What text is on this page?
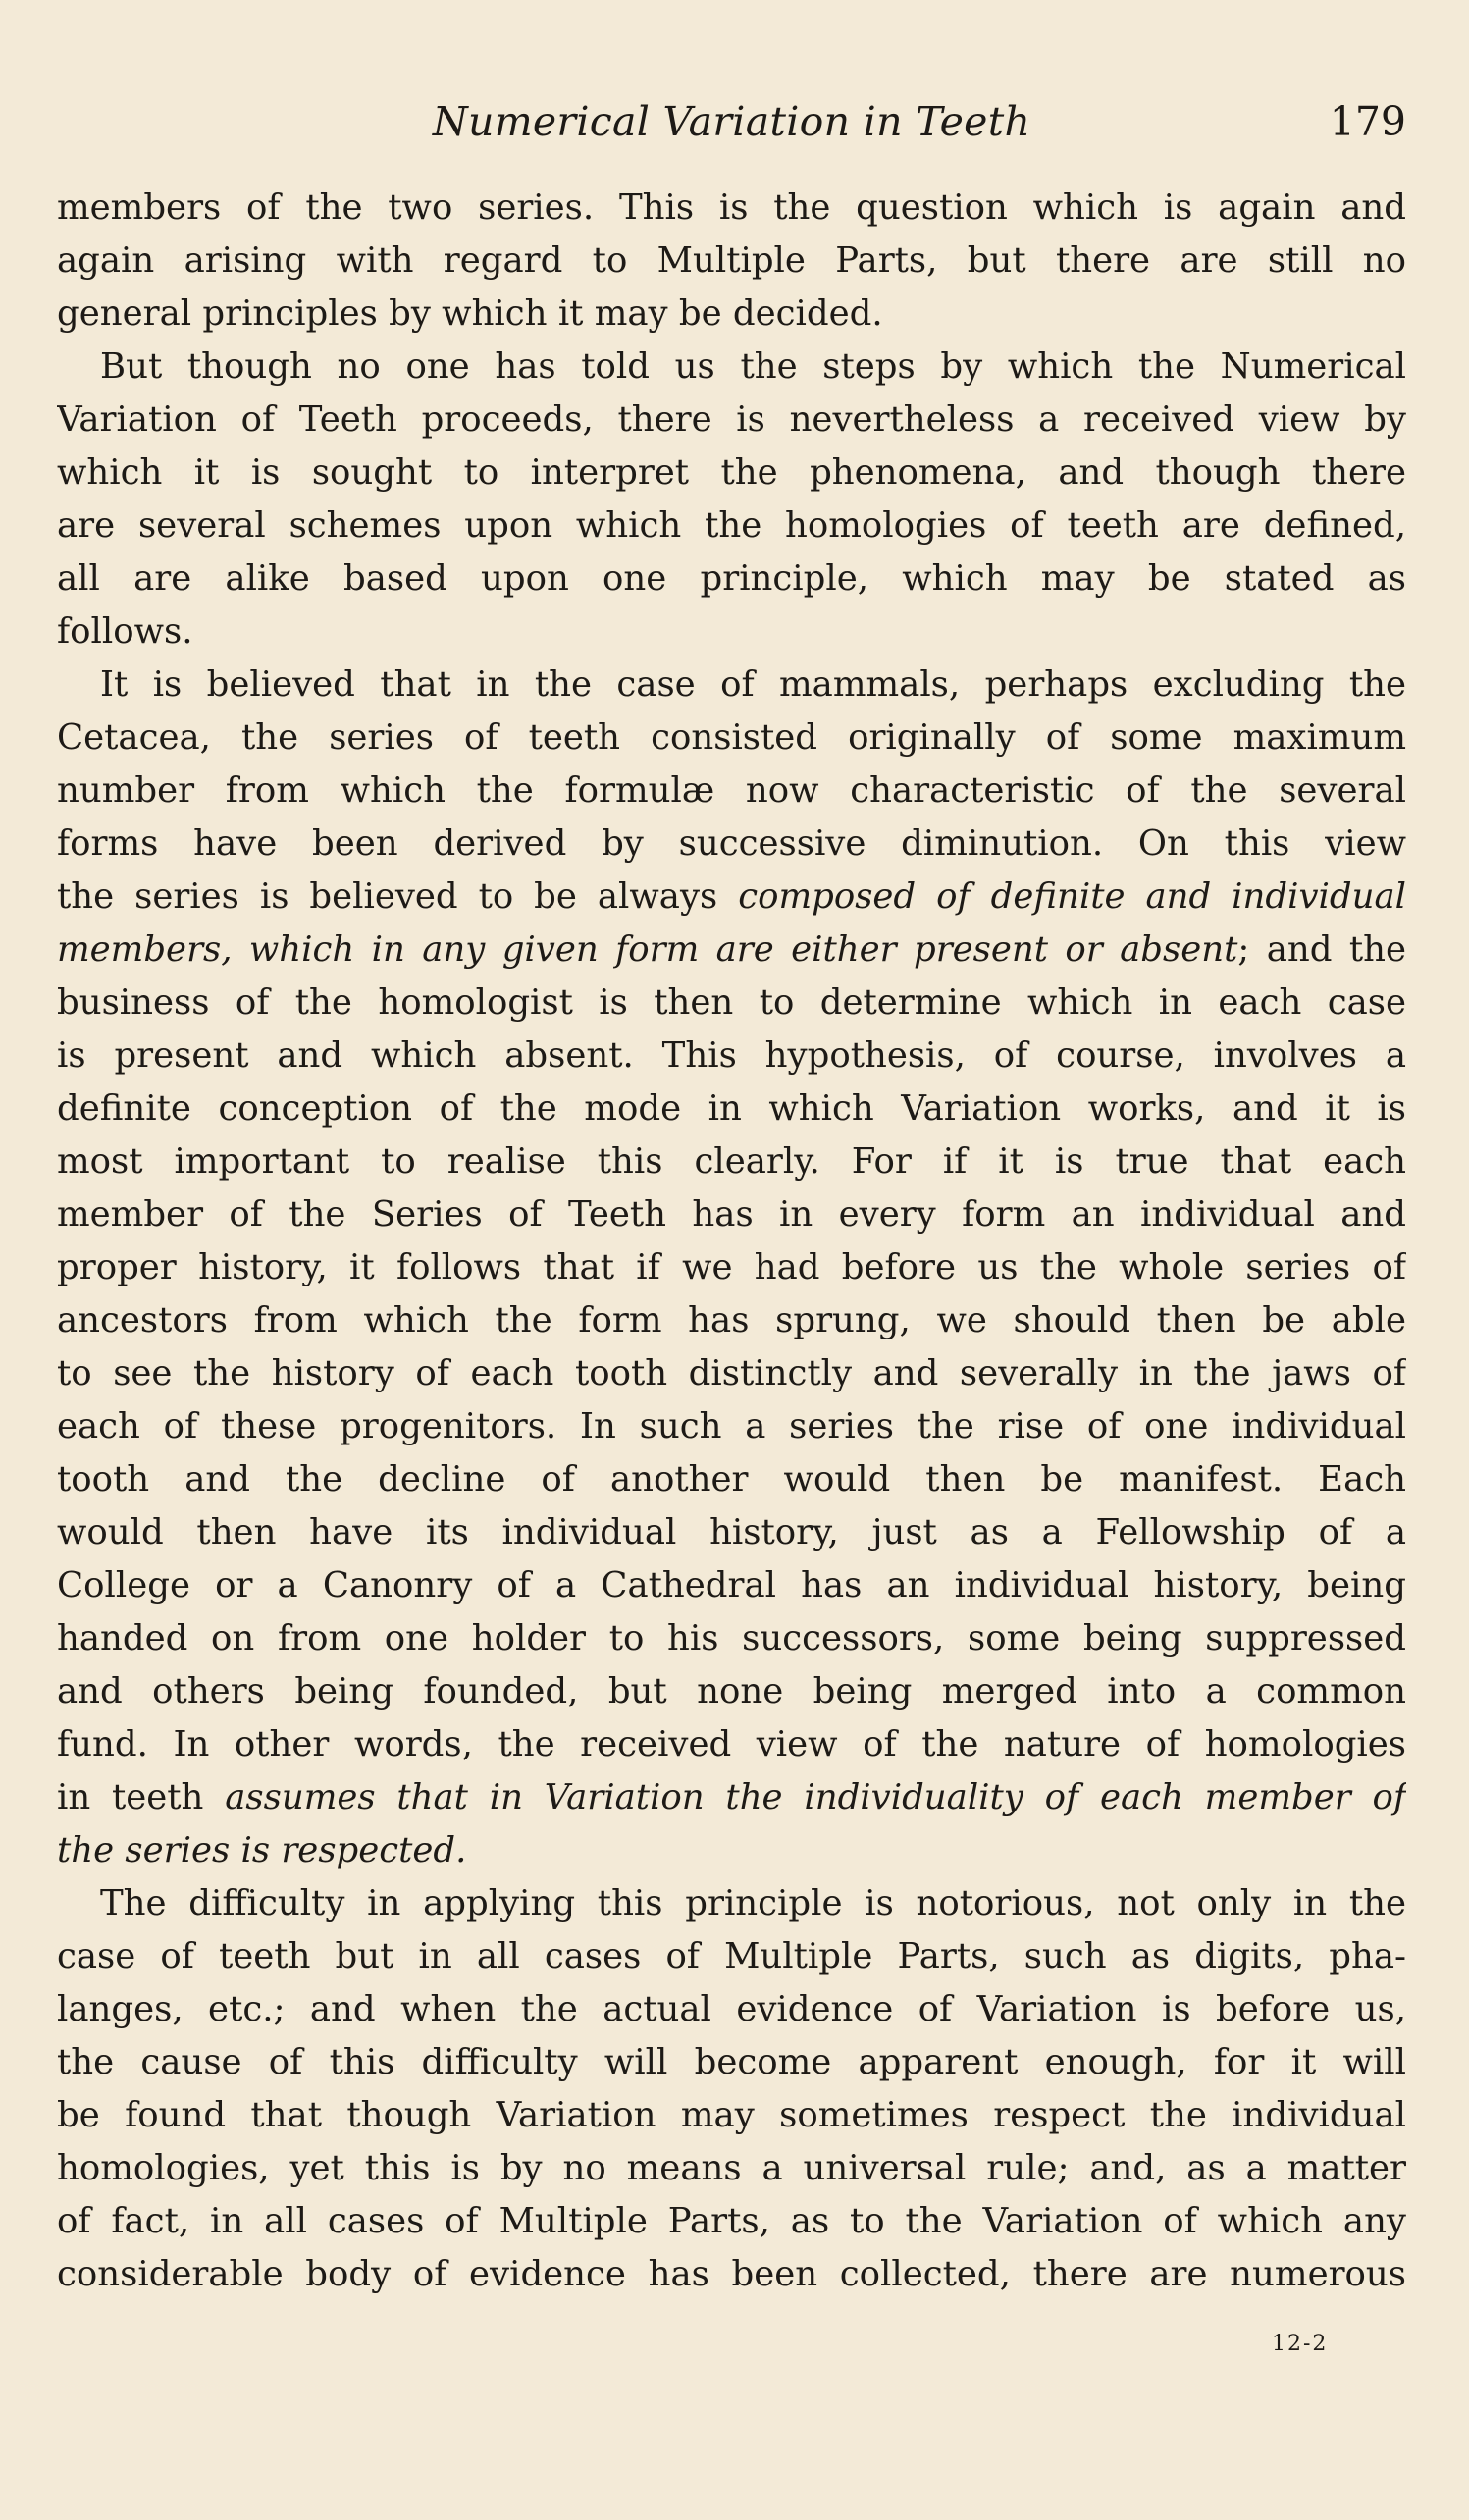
Numerical Variation in Teeth	179
members of the two series. This is the question which is again and
again arising with regard to Multiple Parts, but there are still no
general principles by which it may be decided.
But though no one has told us the steps by which the Numerical
Variation of Teeth proceeds, there is nevertheless a received view by
which it is sought to interpret the phenomena, and though there
are several schemes upon which the homologies of teeth are defined,
all are alike based upon one principle, which may be stated as
follows.
It is believed that in the case of mammals, perhaps excluding the
Cetacea, the series of teeth consisted originally of some maximum
number from which the formulæ now characteristic of the several
forms have been derived by successive diminution. On this view
the series is believed to be always composed of definite and individual
members, which in any given form are either present or absent; and the
business of the homologist is then to determine which in each case
is present and which absent. This hypothesis, of course, involves a
definite conception of the mode in which Variation works, and it is
most important to realise this clearly. For if it is true that each
member of the Series of Teeth has in every form an individual and
proper history, it follows that if we had before us the whole series of
ancestors from which the form has sprung, we should then be able
to see the history of each tooth distinctly and severally in the jaws of
each of these progenitors. In such a series the rise of one individual
tooth and the decline of another would then be manifest. Each
would then have its individual history, just as a Fellowship of a
College or a Canonry of a Cathedral has an individual history, being
handed on from one holder to his successors, some being suppressed
and others being founded, but none being merged into a common
fund. In other words, the received view of the nature of homologies
in teeth assumes that in Variation the individuality of each member of
the series is respected.
The difficulty in applying this principle is notorious, not only in the
case of teeth but in all cases of Multiple Parts, such as digits, pha-
langes, etc.; and when the actual evidence of Variation is before us,
the cause of this difficulty will become apparent enough, for it will
be found that though Variation may sometimes respect the individual
homologies, yet this is by no means a universal rule; and, as a matter
of fact, in all cases of Multiple Parts, as to the Variation of which any
considerable body of evidence has been collected, there are numerous
12-2
